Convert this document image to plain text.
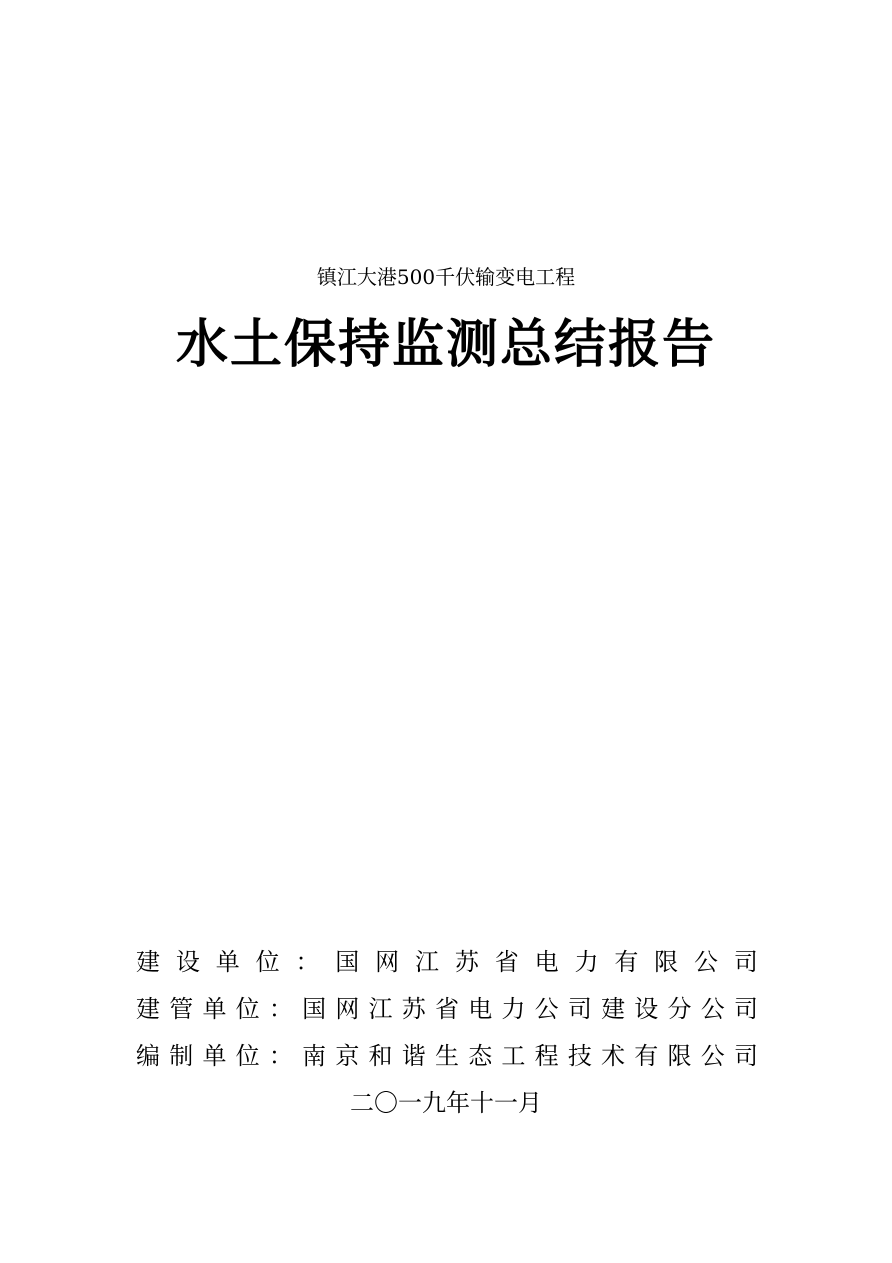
镇江大港500千伏输变电工程
水土保持监测总结报告
建 设 单 位 ： 国 网 江 苏 省 电 力 有 限 公 司
建 管 单 位 ： 国 网 江 苏 省 电 力 公 司 建 设 分 公 司
编 制 单 位 ： 南 京 和 谐 生 态 工 程 技 术 有 限 公 司
二〇一九年十一月
